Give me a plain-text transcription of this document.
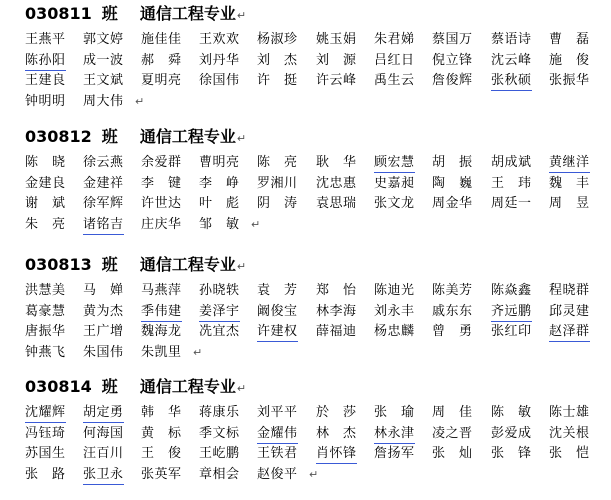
030811 班 通信工程专业↵
王燕平 郭文婷 施佳佳 王欢欢 杨淑珍 姚玉娟 朱君娣 蔡国万 蔡语诗 曹　磊
陈孙阳 成一波 郝　舜 刘丹华 刘　杰 刘　源 吕红日 倪立锋 沈云峰 施　俊
王建良 王文斌 夏明亮 徐国伟 许　挺 许云峰 禹生云 詹俊辉 张秋硕 张振华
钟明明 周大伟 ↵
030812 班 通信工程专业↵
陈　晓 徐云燕 余爱群 曹明亮 陈　亮 耿　华 顾宏慧 胡　振 胡成斌 黄继洋
金建良 金建祥 李　键 李　峥 罗湘川 沈忠惠 史嘉昶 陶　巍 王　玮 魏　丰
谢　斌 徐军辉 许世达 叶　彪 阴　涛 袁思瑞 张文龙 周金华 周廷一 周　昱
朱　亮 诸铭吉 庄庆华 邹　敏 ↵
030813 班 通信工程专业↵
洪慧美 马　婵 马燕萍 孙晓轶 袁　芳 郑　怡 陈迪光 陈美芳 陈焱鑫 程晓群
葛豪慧 黄为杰 季伟建 姜泽宇 阚俊宝 林李海 刘永丰 戚东东 齐远鹏 邱灵建
唐振华 王广增 魏海龙 冼宜杰 许建权 薛福迪 杨忠麟 曾　勇 张红印 赵泽群
钟燕飞 朱国伟 朱凯里 ↵
030814 班 通信工程专业↵
沈耀辉 胡定勇 韩　华 蒋康乐 刘平平 於　莎 张　瑜 周　佳 陈　敏 陈士雄
冯钰琦 何海国 黄　标 季文标 金耀伟 林　杰 林永津 凌之晋 彭爱成 沈关根
苏国生 汪百川 王　俊 王屹鹏 王铁君 肖怀锋 詹扬军 张　灿 张　锋 张　恺
张　路 张卫永 张英军 章相会 赵俊平 ↵
